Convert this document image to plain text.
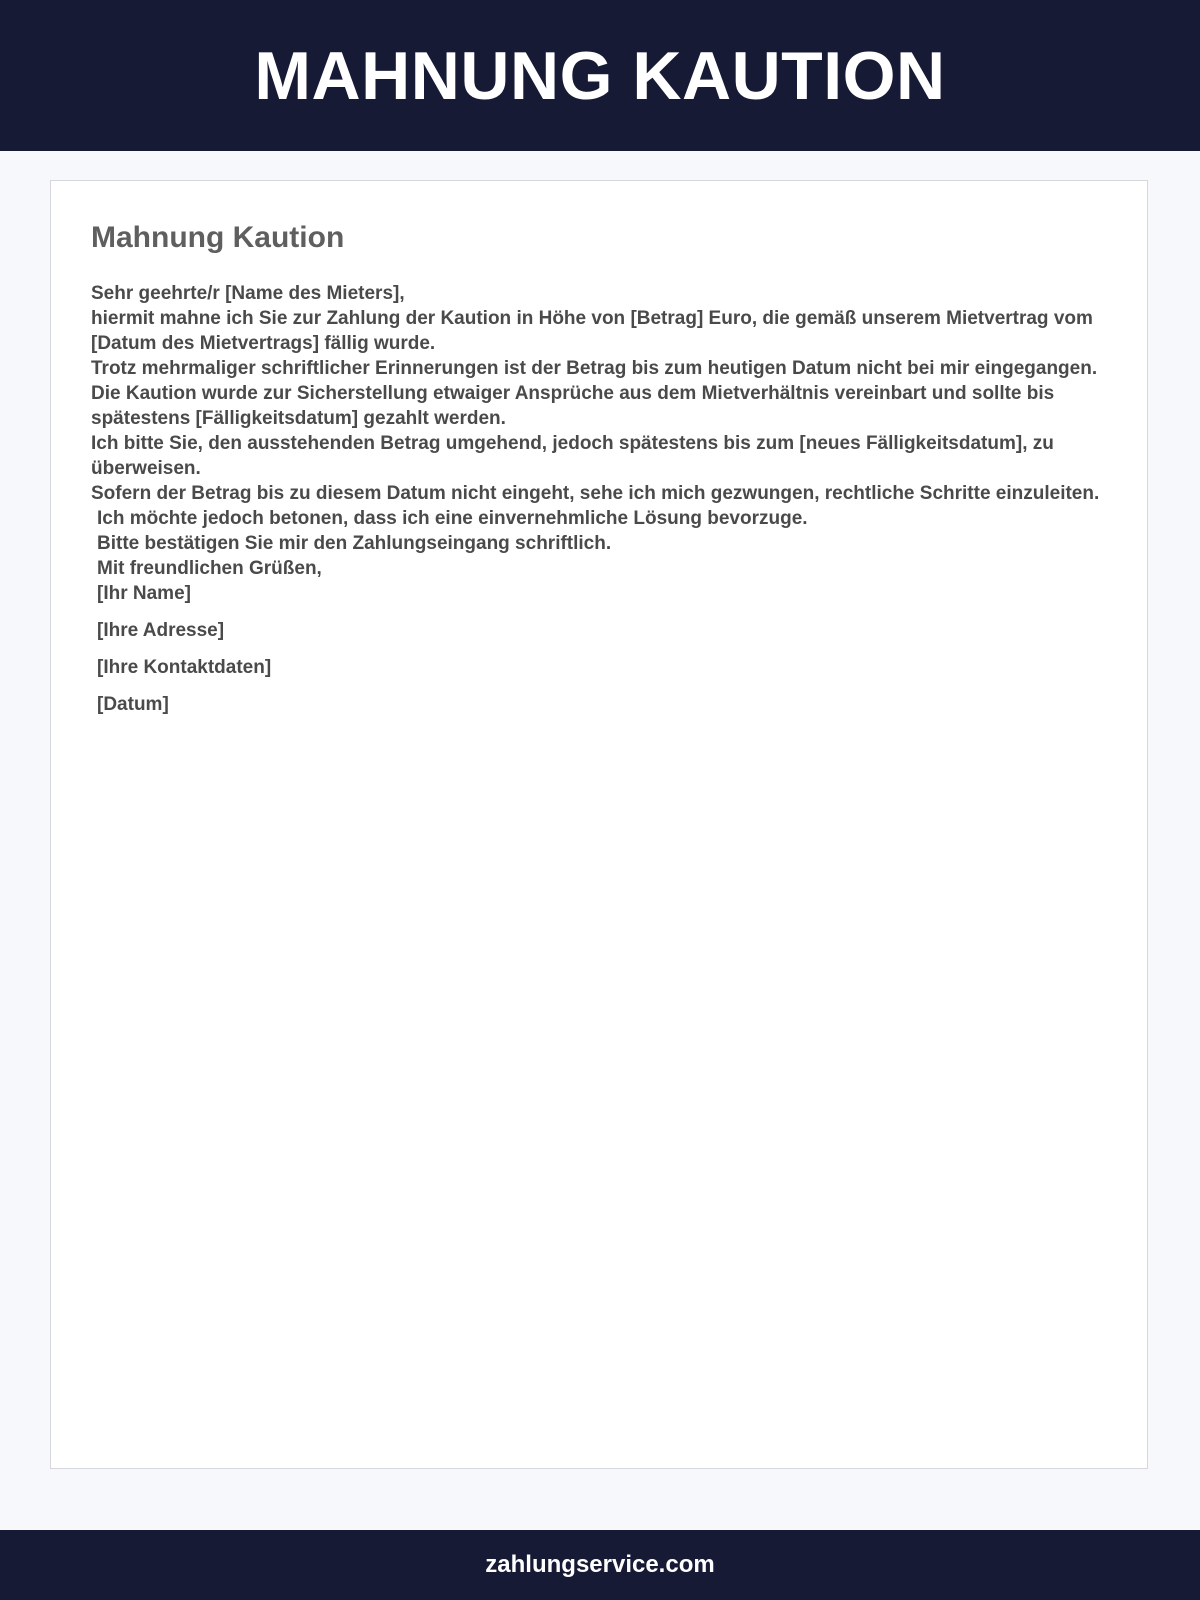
MAHNUNG KAUTION
Mahnung Kaution
Sehr geehrte/r [Name des Mieters],
hiermit mahne ich Sie zur Zahlung der Kaution in Höhe von [Betrag] Euro, die gemäß unserem Mietvertrag vom [Datum des Mietvertrags] fällig wurde.
Trotz mehrmaliger schriftlicher Erinnerungen ist der Betrag bis zum heutigen Datum nicht bei mir eingegangen.
Die Kaution wurde zur Sicherstellung etwaiger Ansprüche aus dem Mietverhältnis vereinbart und sollte bis spätestens [Fälligkeitsdatum] gezahlt werden.
Ich bitte Sie, den ausstehenden Betrag umgehend, jedoch spätestens bis zum [neues Fälligkeitsdatum], zu überweisen.
Sofern der Betrag bis zu diesem Datum nicht eingeht, sehe ich mich gezwungen, rechtliche Schritte einzuleiten.
Ich möchte jedoch betonen, dass ich eine einvernehmliche Lösung bevorzuge.
Bitte bestätigen Sie mir den Zahlungseingang schriftlich.
Mit freundlichen Grüßen,
[Ihr Name]
[Ihre Adresse]
[Ihre Kontaktdaten]
[Datum]
zahlungservice.com
